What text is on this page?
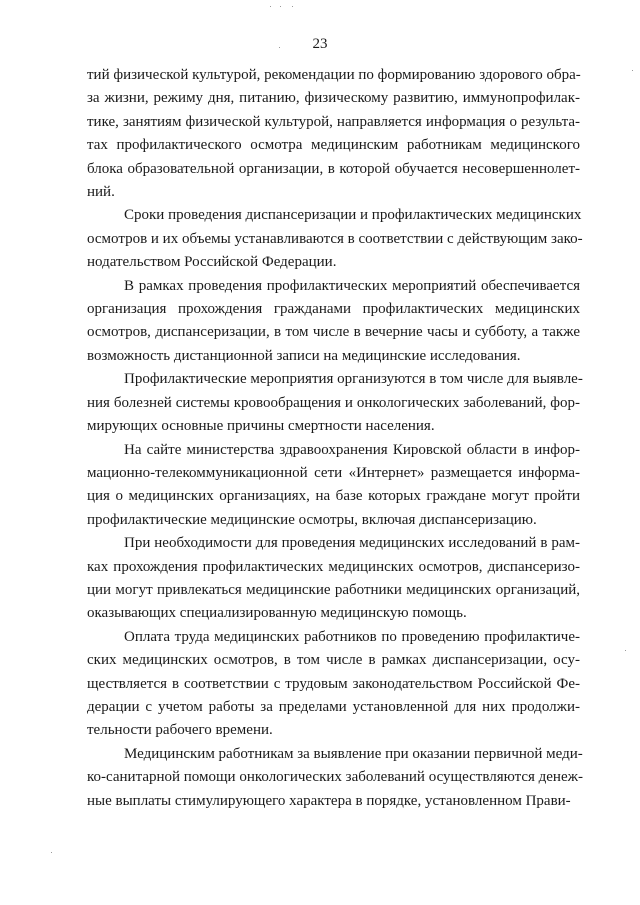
23
тий физической культурой, рекомендации по формированию здорового обра-
за жизни, режиму дня, питанию, физическому развитию, иммунопрофилак-
тике, занятиям физической культурой, направляется информация о результа-
тах профилактического осмотра медицинским работникам медицинского
блока образовательной организации, в которой обучается несовершеннолет-
ний.
Сроки проведения диспансеризации и профилактических медицинских
осмотров и их объемы устанавливаются в соответствии с действующим зако-
нодательством Российской Федерации.
В рамках проведения профилактических мероприятий обеспечивается
организация прохождения гражданами профилактических медицинских
осмотров, диспансеризации, в том числе в вечерние часы и субботу, а также
возможность дистанционной записи на медицинские исследования.
Профилактические мероприятия организуются в том числе для выявле-
ния болезней системы кровообращения и онкологических заболеваний, фор-
мирующих основные причины смертности населения.
На сайте министерства здравоохранения Кировской области в инфор-
мационно-телекоммуникационной сети «Интернет» размещается информа-
ция о медицинских организациях, на базе которых граждане могут пройти
профилактические медицинские осмотры, включая диспансеризацию.
При необходимости для проведения медицинских исследований в рам-
ках прохождения профилактических медицинских осмотров, диспансеризо-
ции могут привлекаться медицинские работники медицинских организаций,
оказывающих специализированную медицинскую помощь.
Оплата труда медицинских работников по проведению профилактиче-
ских медицинских осмотров, в том числе в рамках диспансеризации, осу-
ществляется в соответствии с трудовым законодательством Российской Фе-
дерации с учетом работы за пределами установленной для них продолжи-
тельности рабочего времени.
Медицинским работникам за выявление при оказании первичной меди-
ко-санитарной помощи онкологических заболеваний осуществляются денеж-
ные выплаты стимулирующего характера в порядке, установленном Прави-
